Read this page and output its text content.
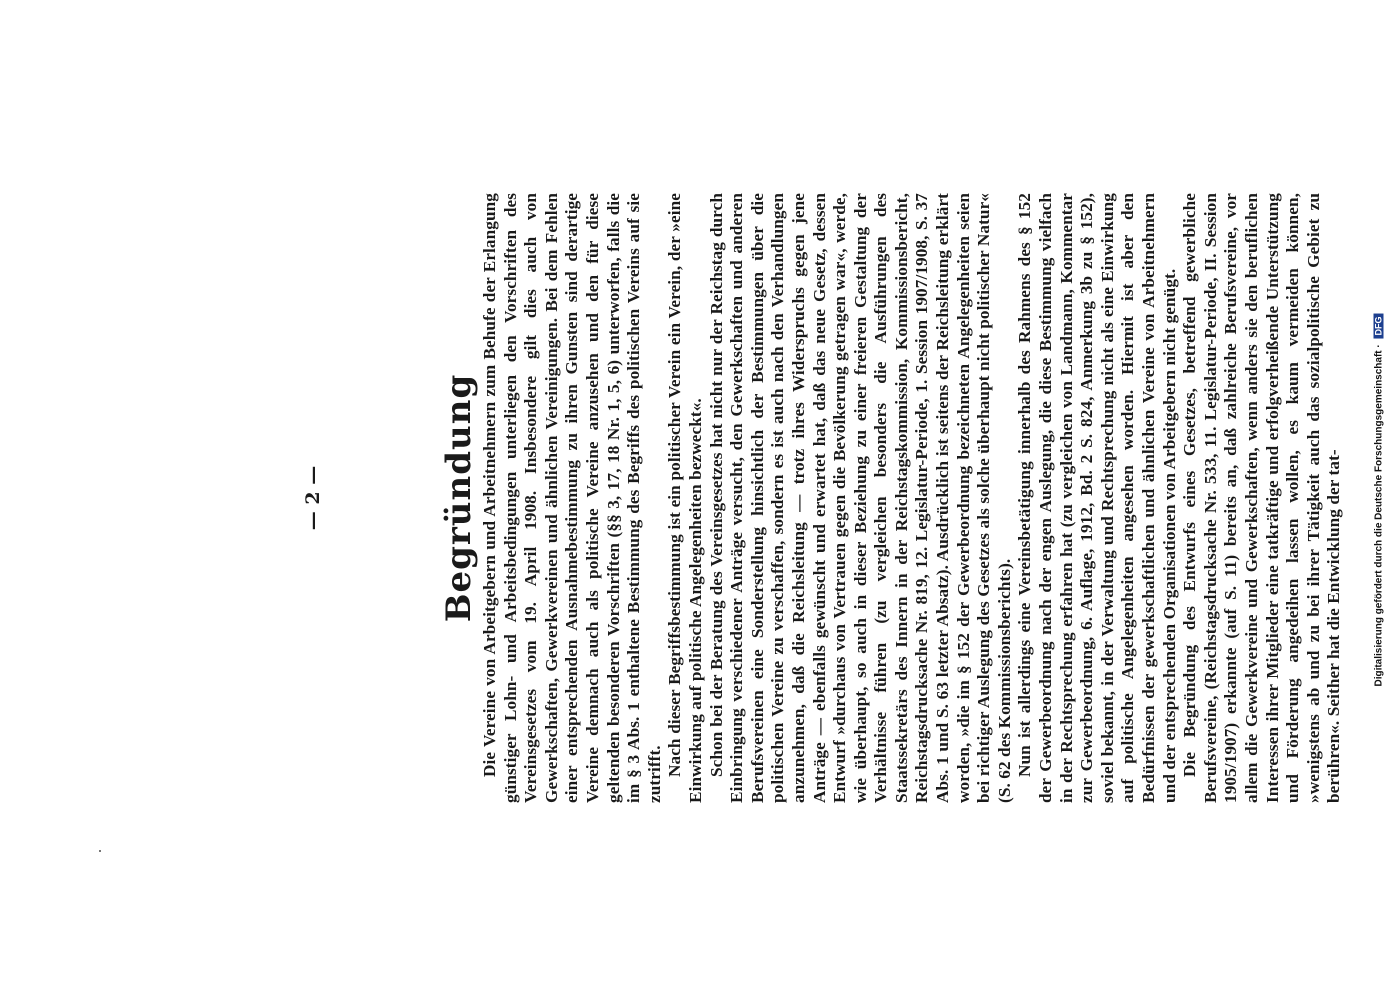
— 2 —	Begründung Die Vereine von Arbeitgebern und Arbeitnehmern zum Behufe der Erlangung günstiger Lohn- und Arbeitsbedingungen unterliegen den Vorschriften des Vereinsgesetzes vom 19. April 1908. Insbesondere gilt dies auch von Gewerkschaften, Gewerkvereinen und ähnlichen Vereinigungen. Bei dem Fehlen einer entsprechenden Ausnahmebestimmung zu ihren Gunsten sind derartige Vereine demnach auch als politische Vereine anzusehen und den für diese geltenden besonderen Vorschriften (§§ 3, 17, 18 Nr. 1, 5, 6) unterworfen, falls die im § 3 Abs. 1 enthaltene Bestimmung des Begriffs des politischen Vereins auf sie zutrifft. Nach dieser Begriffsbestimmung ist ein politischer Verein ein Verein, der »eine Einwirkung auf politische Angelegenheiten bezweckt«. Schon bei der Beratung des Vereinsgesetzes hat nicht nur der Reichstag durch Einbringung verschiedener Anträge versucht, den Gewerkschaften und anderen Berufsvereinen eine Sonderstellung hinsichtlich der Bestimmungen über die politischen Vereine zu verschaffen, sondern es ist auch nach den Verhandlungen anzunehmen, daß die Reichsleitung — trotz ihres Widerspruchs gegen jene Anträge — ebenfalls gewünscht und erwartet hat, daß das neue Gesetz, dessen Entwurf »durchaus von Vertrauen gegen die Bevölkerung getragen war«, werde, wie überhaupt, so auch in dieser Beziehung zu einer freieren Gestaltung der Verhältnisse führen (zu vergleichen besonders die Ausführungen des Staatssekretärs des Innern in der Reichstagskommission, Kommissionsbericht, Reichstagsdrucksache Nr. 819, 12. Legislatur-Periode, 1. Session 1907/1908, S. 37 Abs. 1 und S. 63 letzter Absatz). Ausdrücklich ist seitens der Reichsleitung erklärt worden, »die im § 152 der Gewerbeordnung bezeichneten Angelegenheiten seien bei richtiger Auslegung des Gesetzes als solche überhaupt nicht politischer Natur« (S. 62 des Kommissionsberichts). Nun ist allerdings eine Vereinsbetätigung innerhalb des Rahmens des § 152 der Gewerbeordnung nach der engen Auslegung, die diese Bestimmung vielfach in der Rechtsprechung erfahren hat (zu vergleichen von Landmann, Kommentar zur Gewerbeordnung, 6. Auflage, 1912, Bd. 2 S. 824, Anmerkung 3b zu § 152), soviel bekannt, in der Verwaltung und Rechtsprechung nicht als eine Einwirkung auf politische Angelegenheiten angesehen worden. Hiermit ist aber den Bedürfnissen der gewerkschaftlichen und ähnlichen Vereine von Arbeitnehmern und der entsprechenden Organisationen von Arbeitgebern nicht genügt. Die Begründung des Entwurfs eines Gesetzes, betreffend gewerbliche Berufsvereine, (Reichstagsdrucksache Nr. 533, 11. Legislatur-Periode, II. Session 1905/1907) erkannte (auf S. 11) bereits an, daß zahlreiche Berufsvereine, vor allem die Gewerkvereine und Gewerkschaften, wenn anders sie den beruflichen Interessen ihrer Mitglieder eine tatkräftige und erfolgverheißende Unterstützung und Förderung angedeihen lassen wollen, es kaum vermeiden können, »wenigstens ab und zu bei ihrer Tätigkeit auch das sozialpolitische Gebiet zu berühren«. Seither hat die Entwicklung der tat-	Digitalisierung gefördert durch die Deutsche Forschungsgemeinschaft · DFG
